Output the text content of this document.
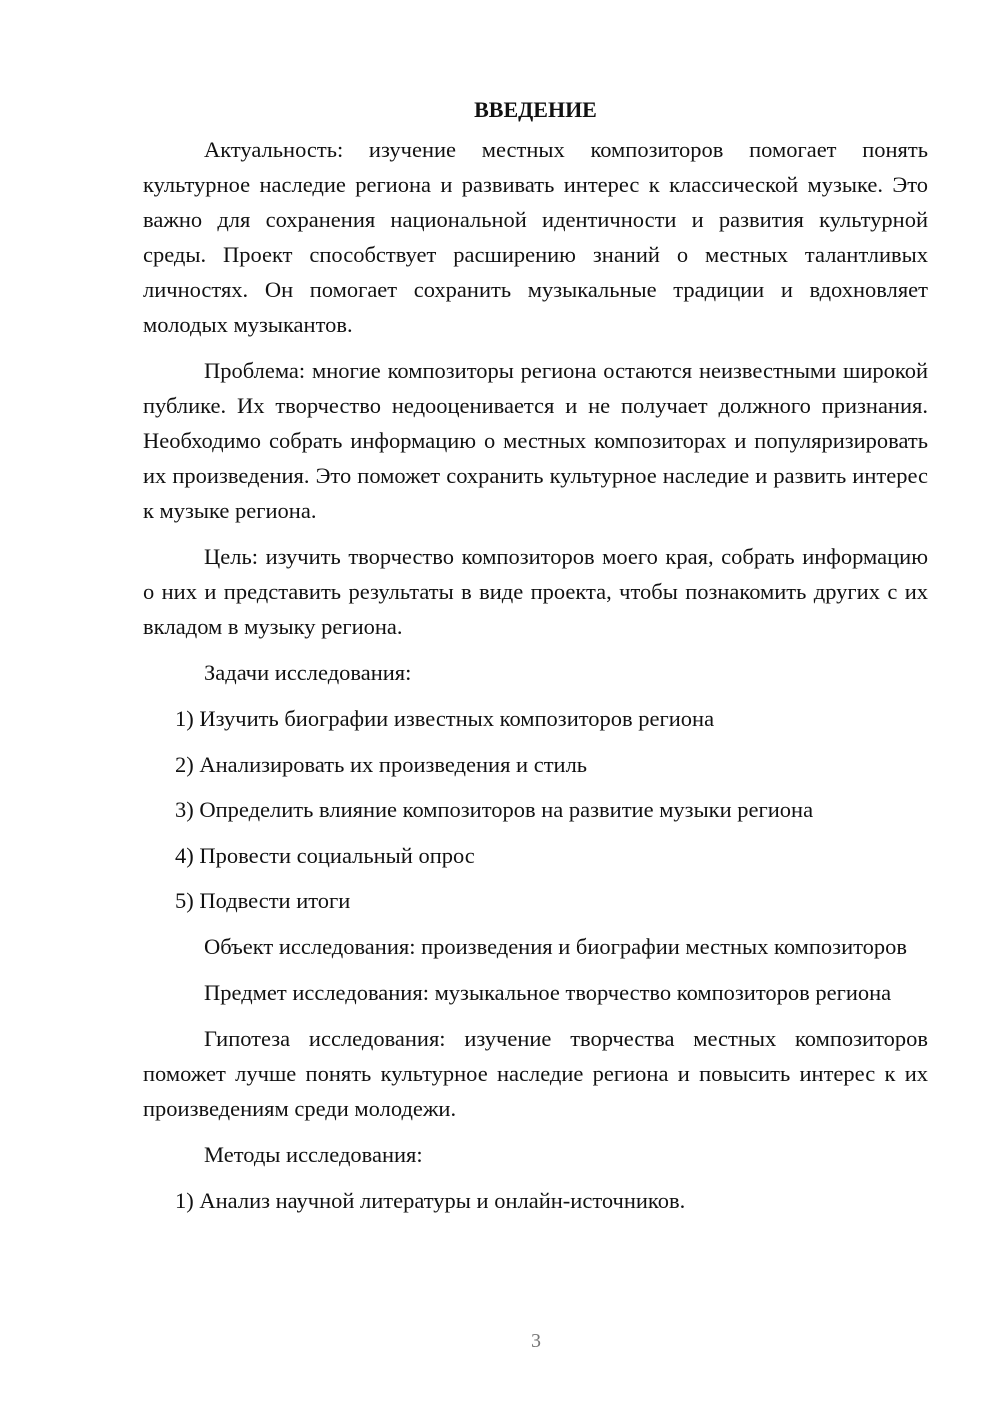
ВВЕДЕНИЕ

Актуальность: изучение местных композиторов помогает понять культурное наследие региона и развивать интерес к классической музыке. Это важно для сохранения национальной идентичности и развития культурной среды. Проект способствует расширению знаний о местных талантливых личностях. Он помогает сохранить музыкальные традиции и вдохновляет молодых музыкантов.

Проблема: многие композиторы региона остаются неизвестными широкой публике. Их творчество недооценивается и не получает должного признания. Необходимо собрать информацию о местных композиторах и популяризировать их произведения. Это поможет сохранить культурное наследие и развить интерес к музыке региона.

Цель: изучить творчество композиторов моего края, собрать информацию о них и представить результаты в виде проекта, чтобы познакомить других с их вкладом в музыку региона.

Задачи исследования:

1) Изучить биографии известных композиторов региона
2) Анализировать их произведения и стиль
3) Определить влияние композиторов на развитие музыки региона
4) Провести социальный опрос
5) Подвести итоги

Объект исследования: произведения и биографии местных композиторов

Предмет исследования: музыкальное творчество композиторов региона

Гипотеза исследования: изучение творчества местных композиторов поможет лучше понять культурное наследие региона и повысить интерес к их произведениям среди молодежи.

Методы исследования:

1) Анализ научной литературы и онлайн-источников.
3
